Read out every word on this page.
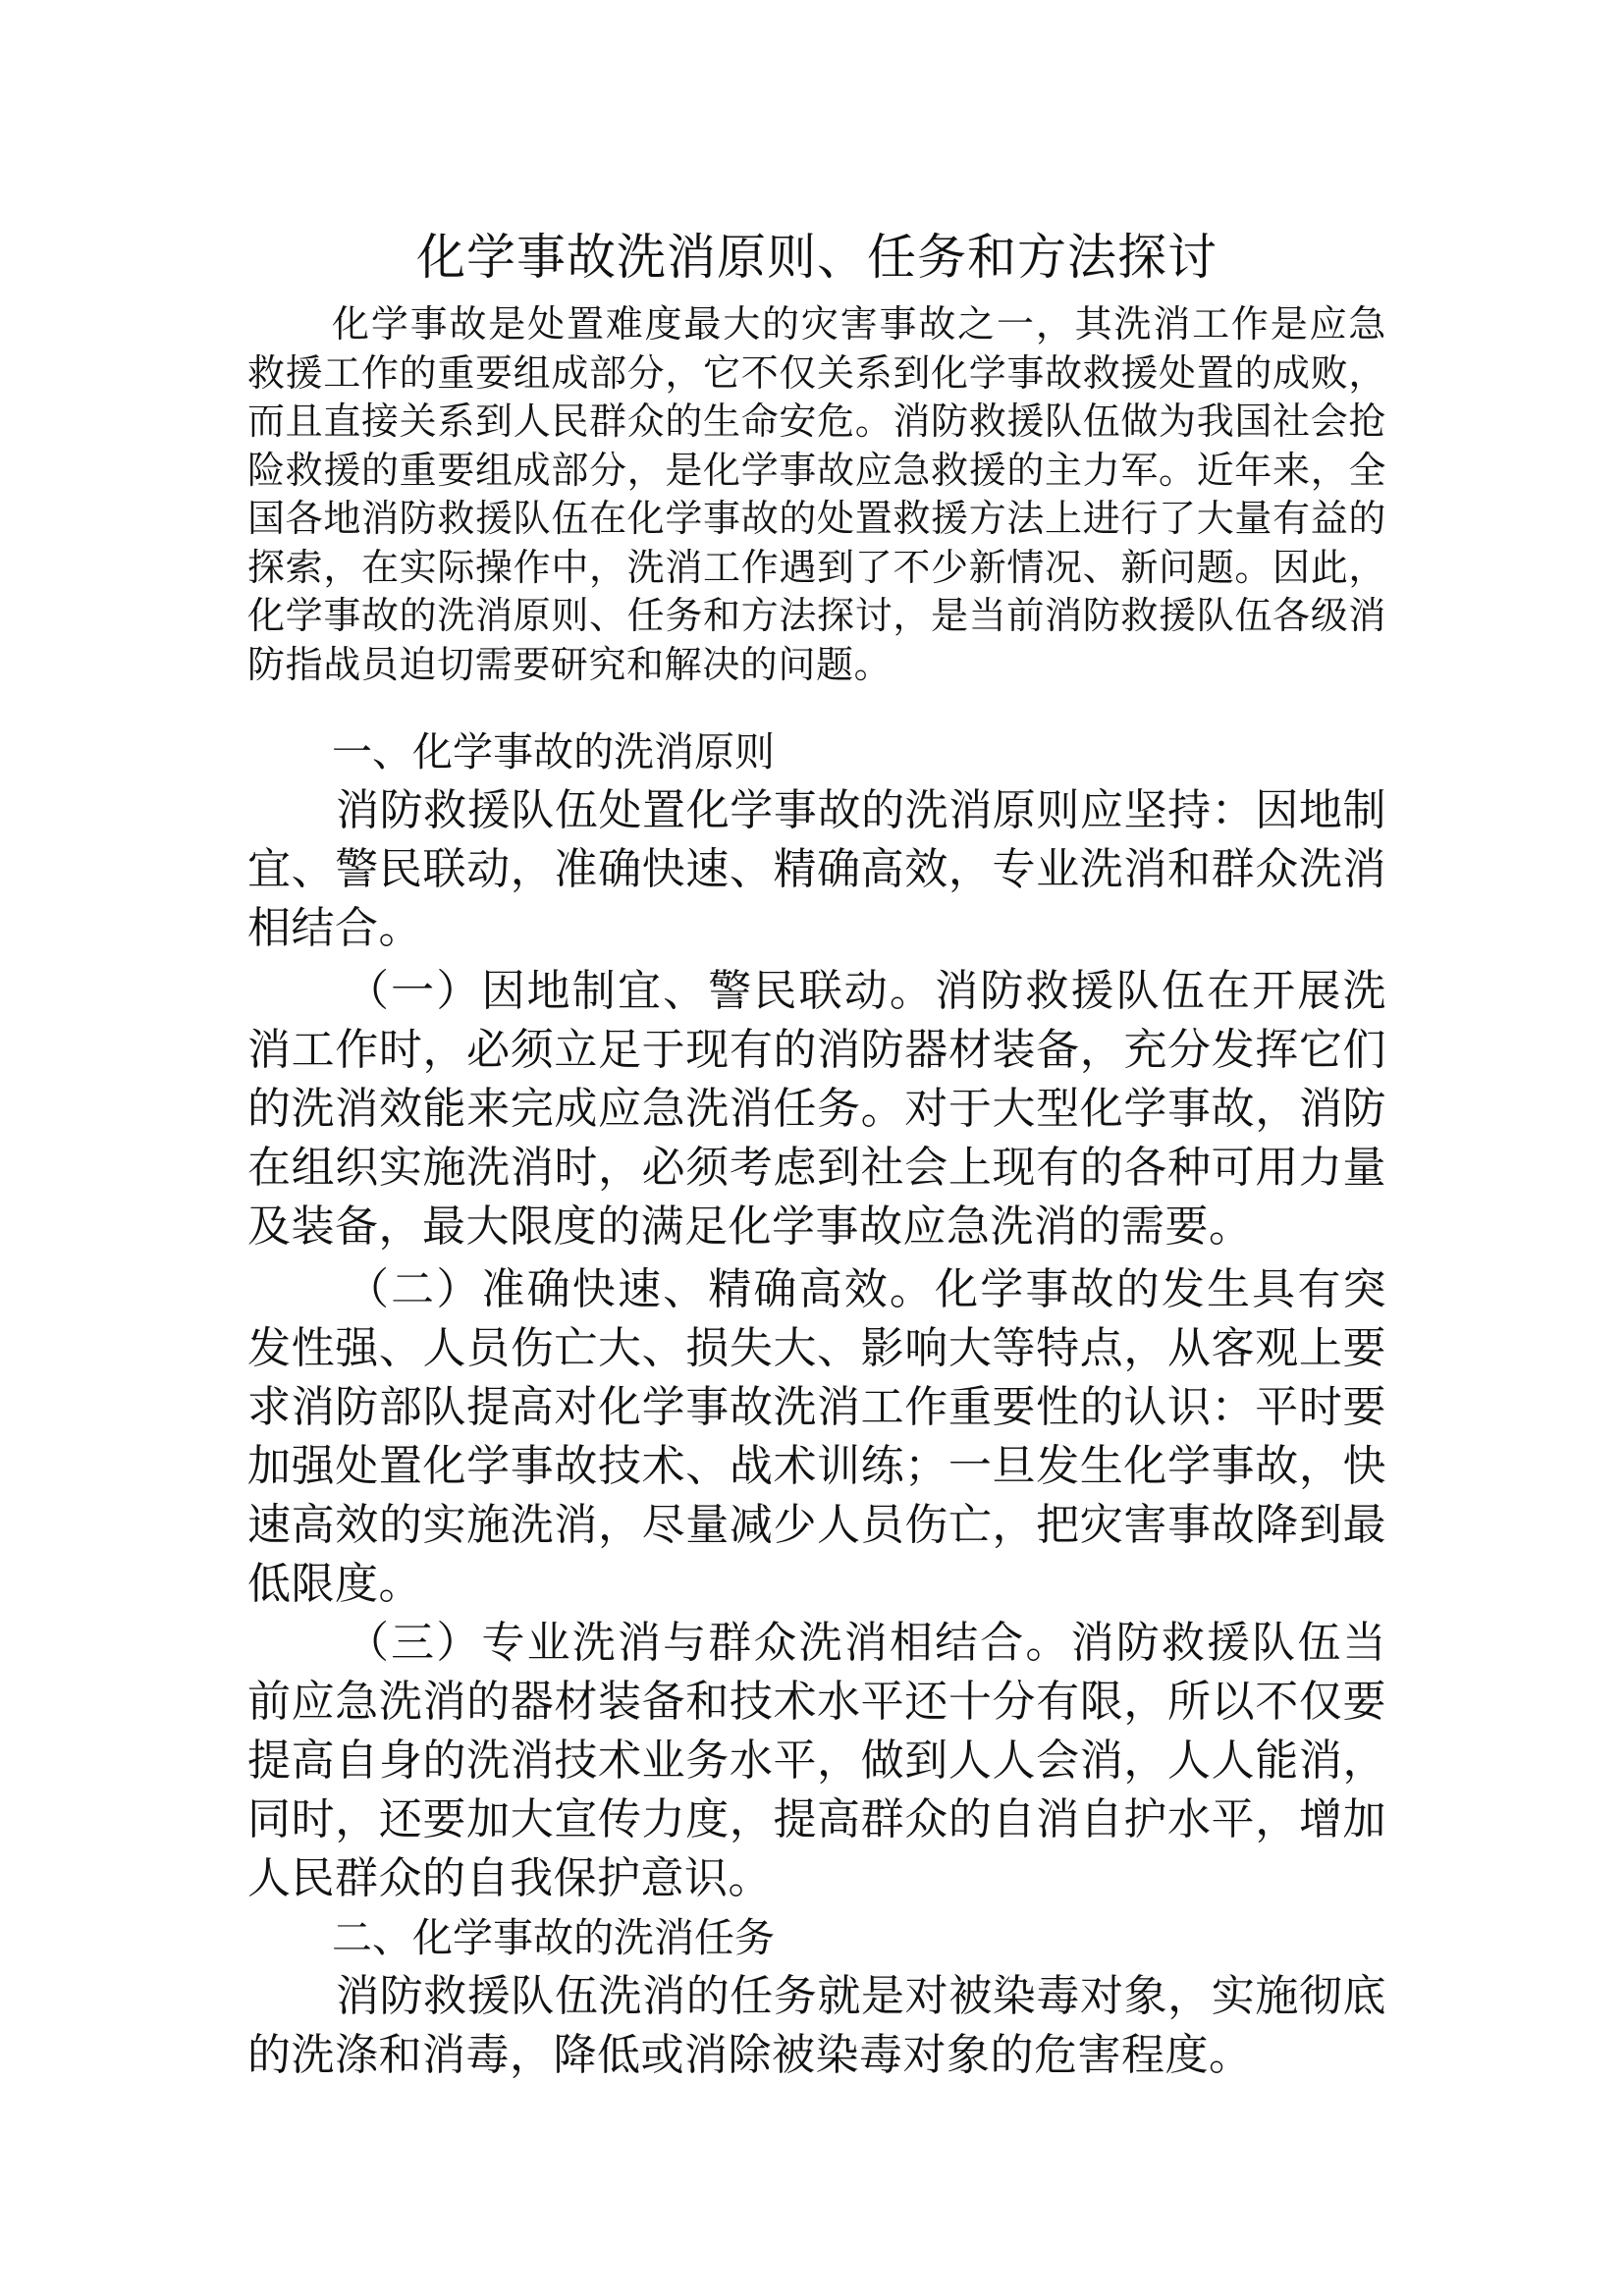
化学事故洗消原则、任务和方法探讨

化学事故是处置难度最大的灾害事故之一，其洗消工作是应急救援工作的重要组成部分，它不仅关系到化学事故救援处置的成败，而且直接关系到人民群众的生命安危。消防救援队伍做为我国社会抢险救援的重要组成部分，是化学事故应急救援的主力军。近年来，全国各地消防救援队伍在化学事故的处置救援方法上进行了大量有益的探索，在实际操作中，洗消工作遇到了不少新情况、新问题。因此，化学事故的洗消原则、任务和方法探讨，是当前消防救援队伍各级消防指战员迫切需要研究和解决的问题。

一、化学事故的洗消原则

消防救援队伍处置化学事故的洗消原则应坚持：因地制宜、警民联动，准确快速、精确高效，专业洗消和群众洗消相结合。

（一）因地制宜、警民联动。消防救援队伍在开展洗消工作时，必须立足于现有的消防器材装备，充分发挥它们的洗消效能来完成应急洗消任务。对于大型化学事故，消防在组织实施洗消时，必须考虑到社会上现有的各种可用力量及装备，最大限度的满足化学事故应急洗消的需要。

（二）准确快速、精确高效。化学事故的发生具有突发性强、人员伤亡大、损失大、影响大等特点，从客观上要求消防部队提高对化学事故洗消工作重要性的认识：平时要加强处置化学事故技术、战术训练；一旦发生化学事故，快速高效的实施洗消，尽量减少人员伤亡，把灾害事故降到最低限度。

（三）专业洗消与群众洗消相结合。消防救援队伍当前应急洗消的器材装备和技术水平还十分有限，所以不仅要提高自身的洗消技术业务水平，做到人人会消，人人能消，同时，还要加大宣传力度，提高群众的自消自护水平，增加人民群众的自我保护意识。

二、化学事故的洗消任务

消防救援队伍洗消的任务就是对被染毒对象，实施彻底的洗涤和消毒，降低或消除被染毒对象的危害程度。
